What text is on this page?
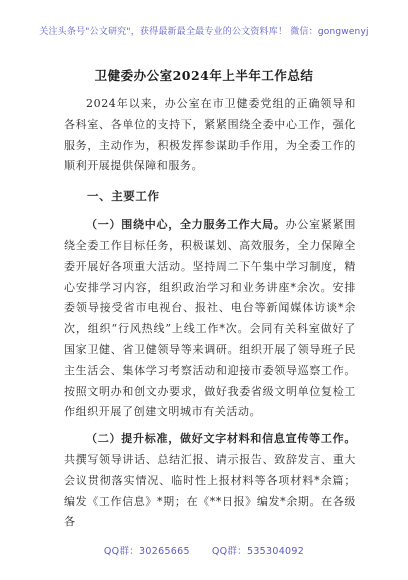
关注头条号"公文研究"，获得最新最全最专业的公文资料库！ 微信：gongwenyj
卫健委办公室2024年上半年工作总结

2024年以来，办公室在市卫健委党组的正确领导和各科室、各单位的支持下，紧紧围绕全委中心工作，强化服务，主动作为，积极发挥参谋助手作用，为全委工作的顺利开展提供保障和服务。

一、主要工作

（一）围绕中心，全力服务工作大局。办公室紧紧围绕全委工作目标任务，积极谋划、高效服务，全力保障全委开展好各项重大活动。坚持周二下午集中学习制度，精心安排学习内容，组织政治学习和业务讲座*余次。安排委领导接受省市电视台、报社、电台等新闻媒体访谈*余次，组织“行风热线”上线工作*次。会同有关科室做好了国家卫健、省卫健领导等来调研。组织开展了领导班子民主生活会、集体学习考察活动和迎接市委领导巡察工作。按照文明办和创文办要求，做好我委省级文明单位复检工作组织开展了创建文明城市有关活动。

（二）提升标准，做好文字材料和信息宣传等工作。共撰写领导讲话、总结汇报、请示报告、致辞发言、重大会议贯彻落实情况、临时性上报材料等各项材料*余篇；编发《工作信息》*期；在《**日报》编发*余期。在各级各

QQ群：30265665 QQ群：535304092
